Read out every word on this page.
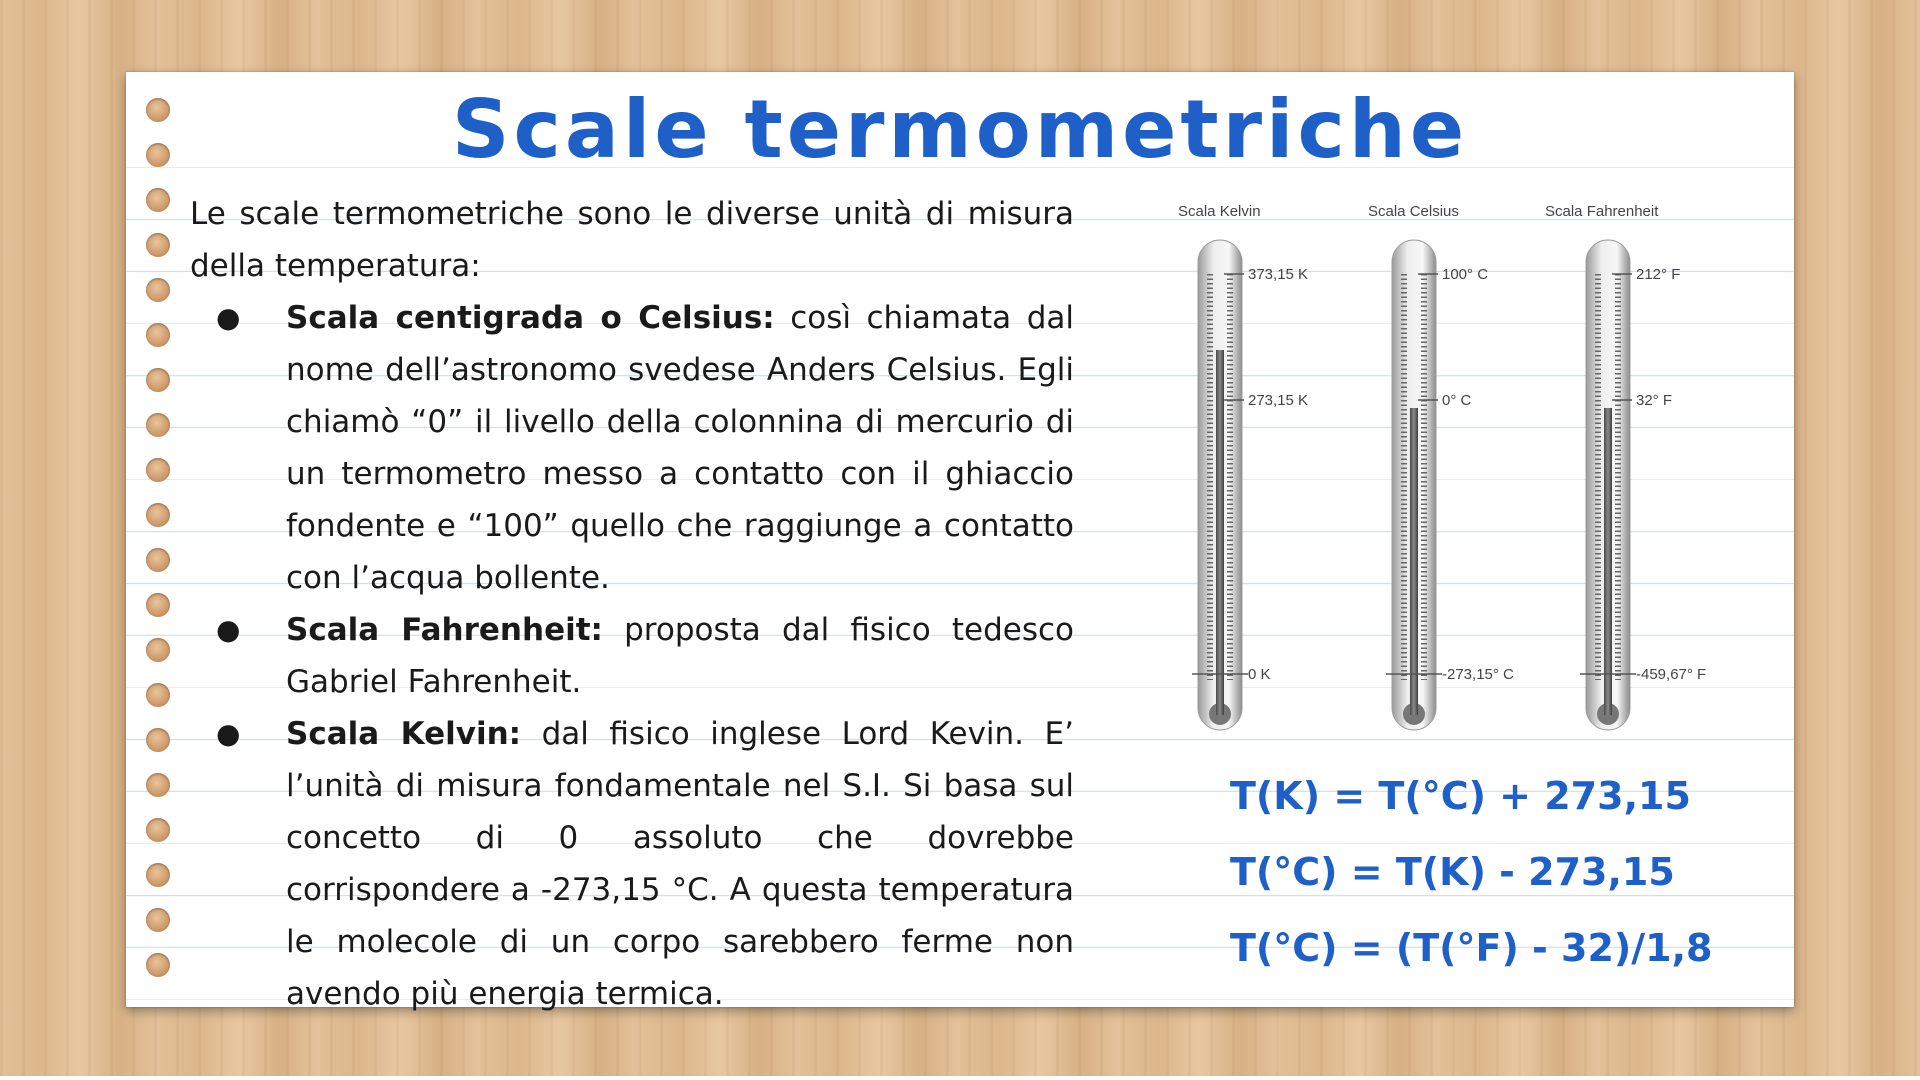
Scale termometriche

Le scale termometriche sono le diverse unità di misura della temperatura:

● Scala centigrada o Celsius: così chiamata dal nome dell’astronomo svedese Anders Celsius. Egli chiamò “0” il livello della colonnina di mercurio di un termometro messo a contatto con il ghiaccio fondente e “100” quello che raggiunge a contatto con l’acqua bollente.
● Scala Fahrenheit: proposta dal fisico tedesco Gabriel Fahrenheit.
● Scala Kelvin: dal fisico inglese Lord Kevin. E’ l’unità di misura fondamentale nel S.I. Si basa sul concetto di 0 assoluto che dovrebbe corrispondere a -273,15 °C. A questa temperatura le molecole di un corpo sarebbero ferme non avendo più energia termica.
Scala Kelvin
373,15 K
273,15 K
0 K
Scala Celsius
100° C
0° C
-273,15° C
Scala Fahrenheit
212° F
32° F
-459,67° F
T(K) = T(°C) + 273,15
T(°C) = T(K) - 273,15
T(°C) = (T(°F) - 32)/1,8
